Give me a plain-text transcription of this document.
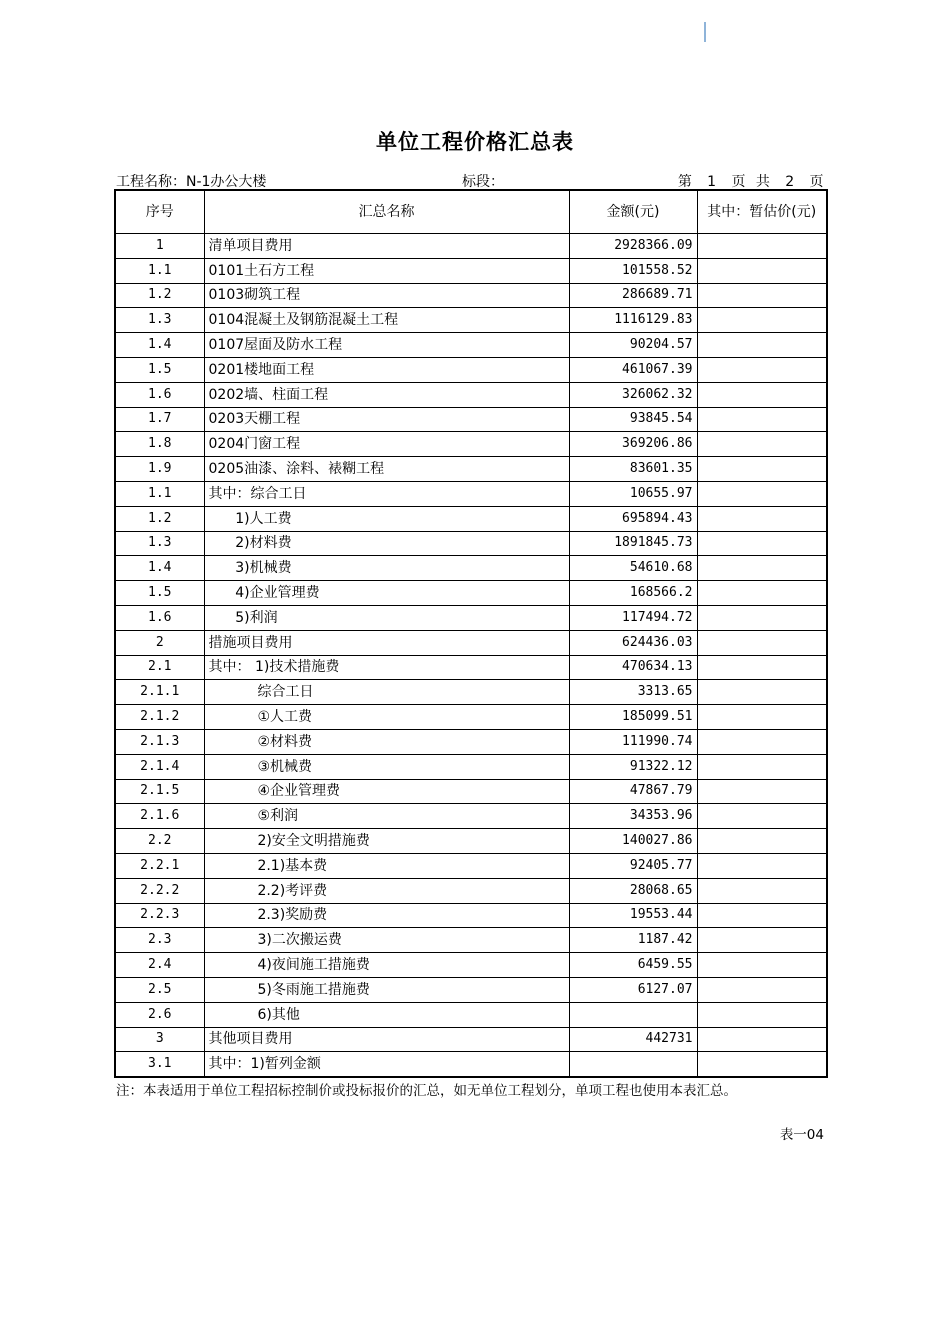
单位工程价格汇总表
工程名称：N-1办公大楼	标段：	第 1 页  共 2 页
序号	汇总名称	金额(元)	其中：暂估价(元)
1	清单项目费用	2928366.09	
1.1	0101土石方工程	101558.52	
1.2	0103砌筑工程	286689.71	
1.3	0104混凝土及钢筋混凝土工程	1116129.83	
1.4	0107屋面及防水工程	90204.57	
1.5	0201楼地面工程	461067.39	
1.6	0202墙、柱面工程	326062.32	
1.7	0203天棚工程	93845.54	
1.8	0204门窗工程	369206.86	
1.9	0205油漆、涂料、裱糊工程	83601.35	
1.1	其中：综合工日	10655.97	
1.2	1)人工费	695894.43	
1.3	2)材料费	1891845.73	
1.4	3)机械费	54610.68	
1.5	4)企业管理费	168566.2	
1.6	5)利润	117494.72	
2	措施项目费用	624436.03	
2.1	其中： 1)技术措施费	470634.13	
2.1.1	综合工日	3313.65	
2.1.2	①人工费	185099.51	
2.1.3	②材料费	111990.74	
2.1.4	③机械费	91322.12	
2.1.5	④企业管理费	47867.79	
2.1.6	⑤利润	34353.96	
2.2	2)安全文明措施费	140027.86	
2.2.1	2.1)基本费	92405.77	
2.2.2	2.2)考评费	28068.65	
2.2.3	2.3)奖励费	19553.44	
2.3	3)二次搬运费	1187.42	
2.4	4)夜间施工措施费	6459.55	
2.5	5)冬雨施工措施费	6127.07	
2.6	6)其他		
3	其他项目费用	442731	
3.1	其中：1)暂列金额		
注：本表适用于单位工程招标控制价或投标报价的汇总，如无单位工程划分，单项工程也使用本表汇总。
表一04
